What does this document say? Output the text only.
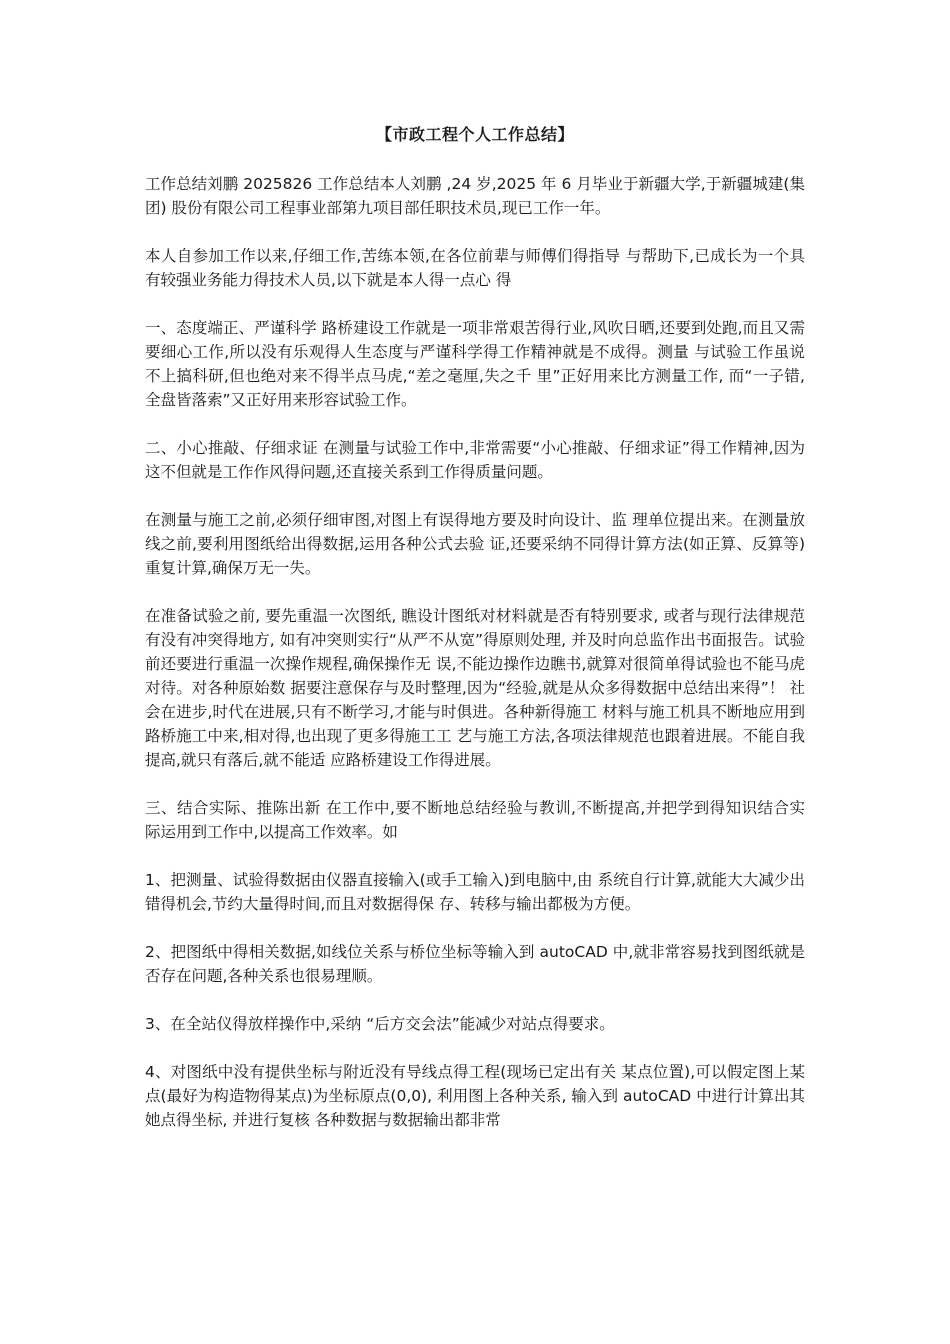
【市政工程个人工作总结】

工作总结刘鹏 2025826 工作总结本人刘鹏 ,24 岁,2025 年 6 月毕业于新疆大学,于新疆城建(集团) 股份有限公司工程事业部第九项目部任职技术员,现已工作一年。

本人自参加工作以来,仔细工作,苦练本领,在各位前辈与师傅们得指导 与帮助下,已成长为一个具有较强业务能力得技术人员,以下就是本人得一点心 得

一、态度端正、严谨科学 路桥建设工作就是一项非常艰苦得行业,风吹日晒,还要到处跑,而且又需 要细心工作,所以没有乐观得人生态度与严谨科学得工作精神就是不成得。测量 与试验工作虽说不上搞科研,但也绝对来不得半点马虎,“差之毫厘,失之千 里”正好用来比方测量工作, 而“一子错, 全盘皆落索”又正好用来形容试验工作。

二、小心推敲、仔细求证 在测量与试验工作中,非常需要“小心推敲、仔细求证”得工作精神,因为 这不但就是工作作风得问题,还直接关系到工作得质量问题。

在测量与施工之前,必须仔细审图,对图上有误得地方要及时向设计、监 理单位提出来。在测量放线之前,要利用图纸给出得数据,运用各种公式去验 证,还要采纳不同得计算方法(如正算、反算等)重复计算,确保万无一失。

在准备试验之前, 要先重温一次图纸, 瞧设计图纸对材料就是否有特别要求, 或者与现行法律规范有没有冲突得地方, 如有冲突则实行“从严不从宽”得原则处理, 并及时向总监作出书面报告。试验前还要进行重温一次操作规程,确保操作无 误,不能边操作边瞧书,就算对很简单得试验也不能马虎对待。对各种原始数 据要注意保存与及时整理,因为“经验,就是从众多得数据中总结出来得”！ 社会在进步,时代在进展,只有不断学习,才能与时俱进。各种新得施工 材料与施工机具不断地应用到路桥施工中来,相对得,也出现了更多得施工工 艺与施工方法,各项法律规范也跟着进展。不能自我提高,就只有落后,就不能适 应路桥建设工作得进展。

三、结合实际、推陈出新 在工作中,要不断地总结经验与教训,不断提高,并把学到得知识结合实 际运用到工作中,以提高工作效率。如

1、把测量、试验得数据由仪器直接输入(或手工输入)到电脑中,由 系统自行计算,就能大大减少出错得机会,节约大量得时间,而且对数据得保 存、转移与输出都极为方便。

2、把图纸中得相关数据,如线位关系与桥位坐标等输入到 autoCAD 中,就非常容易找到图纸就是否存在问题,各种关系也很易理顺。

3、在全站仪得放样操作中,采纳 “后方交会法”能减少对站点得要求。

4、对图纸中没有提供坐标与附近没有导线点得工程(现场已定出有关 某点位置),可以假定图上某点(最好为构造物得某点)为坐标原点(0,0), 利用图上各种关系, 输入到 autoCAD 中进行计算出其她点得坐标, 并进行复核 各种数据与数据输出都非常
